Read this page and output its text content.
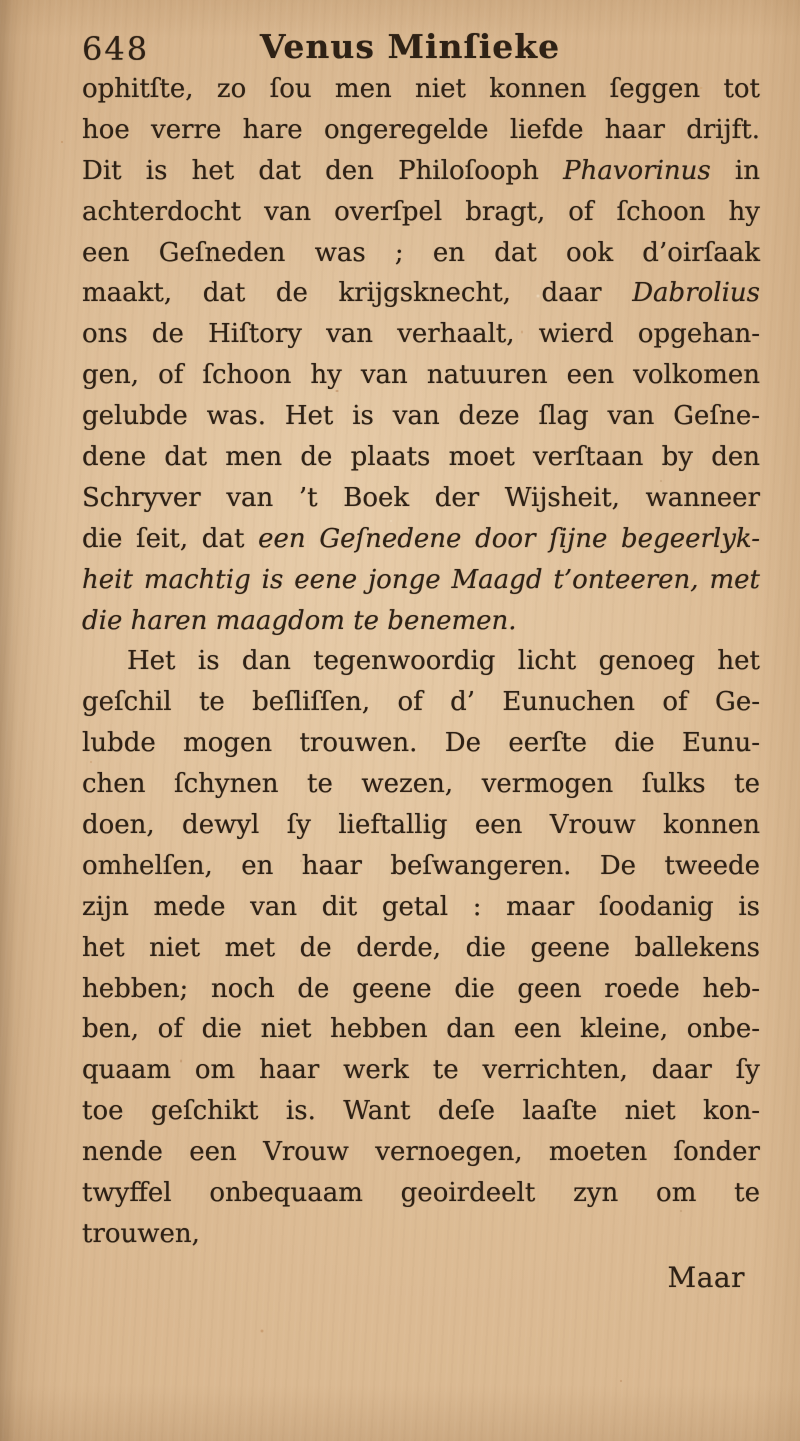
648	Venus Minſieke
ophitſte, zo ſou men niet konnen ſeggen tot
hoe verre hare ongeregelde liefde haar drijft.
Dit is het dat den Philoſooph Phavorinus in
achterdocht van overſpel bragt, of ſchoon hy
een Geſneden was ; en dat ook d’oirſaak
maakt, dat de krijgsknecht, daar Dabrolius
ons de Hiſtory van verhaalt, wierd opgehan-
gen, of ſchoon hy van natuuren een volkomen
gelubde was. Het is van deze ſlag van Geſne-
dene dat men de plaats moet verſtaan by den
Schryver van ’t Boek der Wijsheit, wanneer
die ſeit, dat een Geſnedene door ſijne begeerlyk-
heit machtig is eene jonge Maagd t’onteeren, met
die haren maagdom te benemen.
Het is dan tegenwoordig licht genoeg het
geſchil te beſliſſen, of d’ Eunuchen of Ge-
lubde mogen trouwen. De eerſte die Eunu-
chen ſchynen te wezen, vermogen ſulks te
doen, dewyl ſy lieftallig een Vrouw konnen
omhelſen, en haar beſwangeren. De tweede
zijn mede van dit getal : maar ſoodanig is
het niet met de derde, die geene ballekens
hebben; noch de geene die geen roede heb-
ben, of die niet hebben dan een kleine, onbe-
quaam om haar werk te verrichten, daar ſy
toe geſchikt is. Want deſe laaſte niet kon-
nende een Vrouw vernoegen, moeten ſonder
twyffel onbequaam geoirdeelt zyn om te
trouwen,
Maar
